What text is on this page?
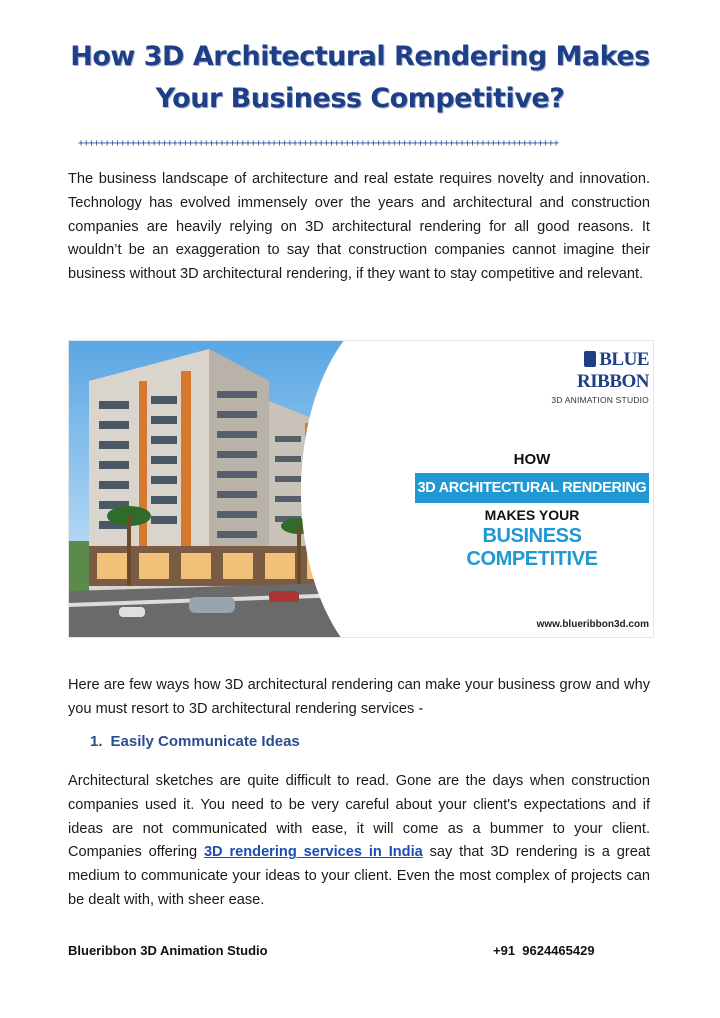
How 3D Architectural Rendering Makes
Your Business Competitive?
++++++++++++++++++++++++++++++++++++++++++++++++++++++++++++++++++++++++++++++++++++++++++++
The business landscape of architecture and real estate requires novelty and innovation. Technology has evolved immensely over the years and architectural and construction companies are heavily relying on 3D architectural rendering for all good reasons. It wouldn’t be an exaggeration to say that construction companies cannot imagine their business without 3D architectural rendering, if they want to stay competitive and relevant.
BLUE RIBBON
3D ANIMATION STUDIO
HOW
3D ARCHITECTURAL RENDERING
MAKES YOUR
BUSINESS COMPETITIVE
www.blueribbon3d.com
Here are few ways how 3D architectural rendering can make your business grow and why you must resort to 3D architectural rendering services -
1. Easily Communicate Ideas
Architectural sketches are quite difficult to read. Gone are the days when construction companies used it. You need to be very careful about your client's expectations and if ideas are not communicated with ease, it will come as a bummer to your client. Companies offering 3D rendering services in India say that 3D rendering is a great medium to communicate your ideas to your client. Even the most complex of projects can be dealt with, with sheer ease.
Blueribbon 3D Animation Studio	+91  9624465429
